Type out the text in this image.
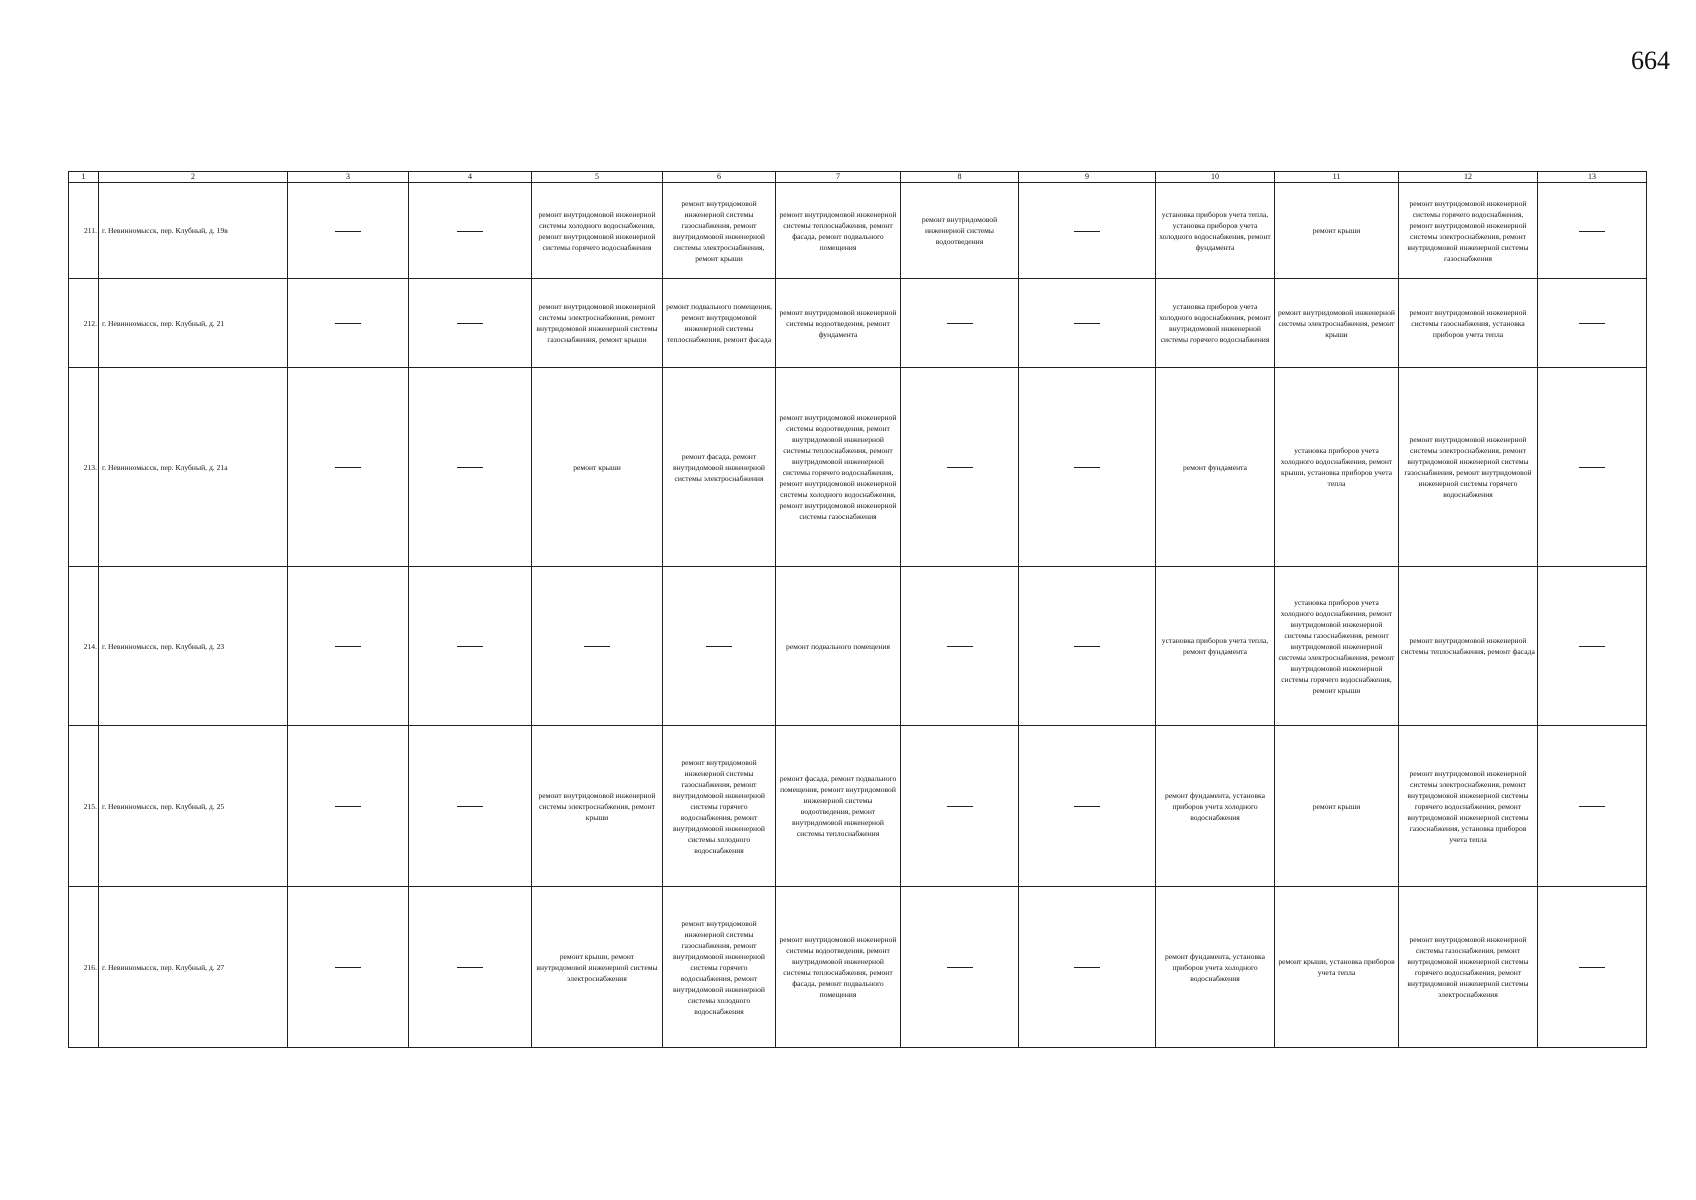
664
1	2	3	4	5	6	7	8	9	10	11	12	13
211.	г. Невинномысск, пер. Клубный, д. 19в			ремонт внутридомовой инженерной системы холодного водоснабжения, ремонт внутридомовой инженерной системы горячего водоснабжения	ремонт внутридомовой инженерной системы газоснабжения, ремонт внутридомовой инженерной системы электроснабжения, ремонт крыши	ремонт внутридомовой инженерной системы теплоснабжения, ремонт фасада, ремонт подвального помещения	ремонт внутридомовой инженерной системы водоотведения		установка приборов учета тепла, установка приборов учета холодного водоснабжения, ремонт фундамента	ремонт крыши	ремонт внутридомовой инженерной системы горячего водоснабжения, ремонт внутридомовой инженерной системы электроснабжения, ремонт внутридомовой инженерной системы газоснабжения	
212.	г. Невинномысск, пер. Клубный, д. 21			ремонт внутридомовой инженерной системы электроснабжения, ремонт внутридомовой инженерной системы газоснабжения, ремонт крыши	ремонт подвального помещения, ремонт внутридомовой инженерной системы теплоснабжения, ремонт фасада	ремонт внутридомовой инженерной системы водоотведения, ремонт фундамента			установка приборов учета холодного водоснабжения, ремонт внутридомовой инженерной системы горячего водоснабжения	ремонт внутридомовой инженерной системы электроснабжения, ремонт крыши	ремонт внутридомовой инженерной системы газоснабжения, установка приборов учета тепла	
213.	г. Невинномысск, пер. Клубный, д. 21а			ремонт крыши	ремонт фасада, ремонт внутридомовой инженерной системы электроснабжения	ремонт внутридомовой инженерной системы водоотведения, ремонт внутридомовой инженерной системы теплоснабжения, ремонт внутридомовой инженерной системы горячего водоснабжения, ремонт внутридомовой инженерной системы холодного водоснабжения, ремонт внутридомовой инженерной системы газоснабжения			ремонт фундамента	установка приборов учета холодного водоснабжения, ремонт крыши, установка приборов учета тепла	ремонт внутридомовой инженерной системы электроснабжения, ремонт внутридомовой инженерной системы газоснабжения, ремонт внутридомовой инженерной системы горячего водоснабжения	
214.	г. Невинномысск, пер. Клубный, д. 23					ремонт подвального помещения			установка приборов учета тепла, ремонт фундамента	установка приборов учета холодного водоснабжения, ремонт внутридомовой инженерной системы газоснабжения, ремонт внутридомовой инженерной системы электроснабжения, ремонт внутридомовой инженерной системы горячего водоснабжения, ремонт крыши	ремонт внутридомовой инженерной системы теплоснабжения, ремонт фасада	
215.	г. Невинномысск, пер. Клубный, д. 25			ремонт внутридомовой инженерной системы электроснабжения, ремонт крыши	ремонт внутридомовой инженерной системы газоснабжения, ремонт внутридомовой инженерной системы горячего водоснабжения, ремонт внутридомовой инженерной системы холодного водоснабжения	ремонт фасада, ремонт подвального помещения, ремонт внутридомовой инженерной системы водоотведения, ремонт внутридомовой инженерной системы теплоснабжения			ремонт фундамента, установка приборов учета холодного водоснабжения	ремонт крыши	ремонт внутридомовой инженерной системы электроснабжения, ремонт внутридомовой инженерной системы горячего водоснабжения, ремонт внутридомовой инженерной системы газоснабжения, установка приборов учета тепла	
216.	г. Невинномысск, пер. Клубный, д. 27			ремонт крыши, ремонт внутридомовой инженерной системы электроснабжения	ремонт внутридомовой инженерной системы газоснабжения, ремонт внутридомовой инженерной системы горячего водоснабжения, ремонт внутридомовой инженерной системы холодного водоснабжения	ремонт внутридомовой инженерной системы водоотведения, ремонт внутридомовой инженерной системы теплоснабжения, ремонт фасада, ремонт подвального помещения			ремонт фундамента, установка приборов учета холодного водоснабжения	ремонт крыши, установка приборов учета тепла	ремонт внутридомовой инженерной системы газоснабжения, ремонт внутридомовой инженерной системы горячего водоснабжения, ремонт внутридомовой инженерной системы электроснабжения	
